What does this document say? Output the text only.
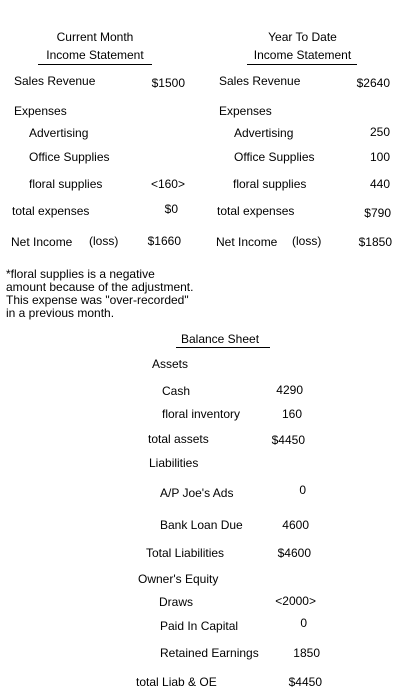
Current Month
Income Statement
Sales Revenue	$1500
Expenses
Advertising
Office Supplies
floral supplies	<160>
total expenses	$0
Net Income (loss)	$1660
Year To Date
Income Statement
Sales Revenue	$2640
Expenses
Advertising	250
Office Supplies	100
floral supplies	440
total expenses	$790
Net Income (loss)	$1850
*floral supplies is a negative
amount because of the adjustment.
This expense was "over-recorded"
in a previous month.
Balance Sheet
Assets
Cash	4290
floral inventory	160
total assets	$4450
Liabilities
A/P Joe's Ads	0
Bank Loan Due	4600
Total Liabilities	$4600
Owner's Equity
Draws	<2000>
Paid In Capital	0
Retained Earnings	1850
total Liab & OE	$4450
